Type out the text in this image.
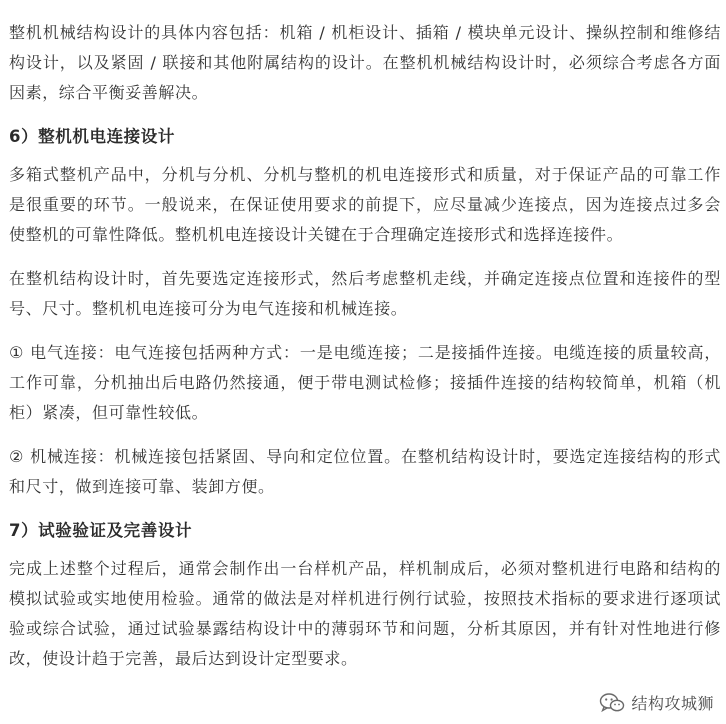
整机机械结构设计的具体内容包括：机箱 / 机柜设计、插箱 / 模块单元设计、操纵控制和维修结构设计，以及紧固 / 联接和其他附属结构的设计。在整机机械结构设计时，必须综合考虑各方面因素，综合平衡妥善解决。

6）整机机电连接设计

多箱式整机产品中，分机与分机、分机与整机的机电连接形式和质量，对于保证产品的可靠工作是很重要的环节。一般说来，在保证使用要求的前提下，应尽量减少连接点，因为连接点过多会使整机的可靠性降低。整机机电连接设计关键在于合理确定连接形式和选择连接件。

在整机结构设计时，首先要选定连接形式，然后考虑整机走线，并确定连接点位置和连接件的型号、尺寸。整机机电连接可分为电气连接和机械连接。

① 电气连接：电气连接包括两种方式：一是电缆连接；二是接插件连接。电缆连接的质量较高，工作可靠，分机抽出后电路仍然接通，便于带电测试检修；接插件连接的结构较简单，机箱（机柜）紧凑，但可靠性较低。

② 机械连接：机械连接包括紧固、导向和定位位置。在整机结构设计时，要选定连接结构的形式和尺寸，做到连接可靠、装卸方便。

7）试验验证及完善设计

完成上述整个过程后，通常会制作出一台样机产品，样机制成后，必须对整机进行电路和结构的模拟试验或实地使用检验。通常的做法是对样机进行例行试验，按照技术指标的要求进行逐项试验或综合试验，通过试验暴露结构设计中的薄弱环节和问题，分析其原因，并有针对性地进行修改，使设计趋于完善，最后达到设计定型要求。

结构攻城狮
